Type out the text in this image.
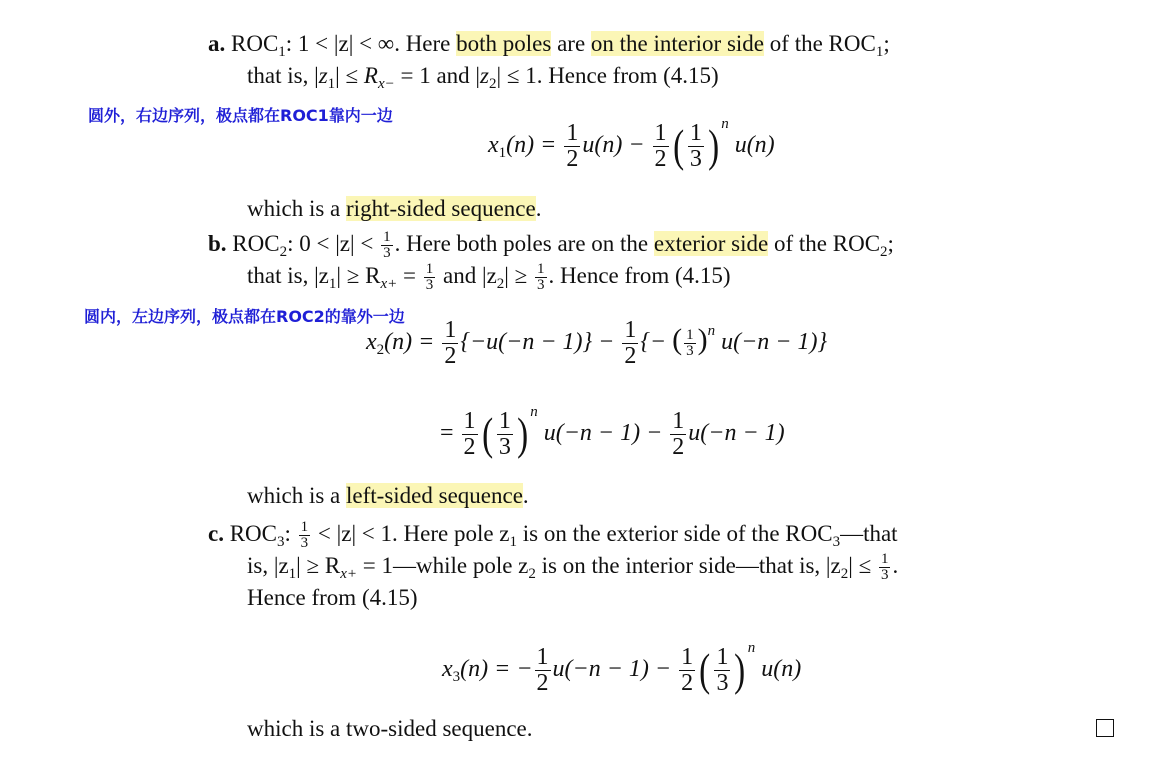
a. $ROC_1$: 1 < |z| < ∞. Here both poles are on the interior side of the $ROC_1$;
that is, $|z_1| \le R_{x-} = 1$ and $|z_2| \le 1$. Hence from (4.15)
圆外，右边序列，极点都在ROC1靠内一边
$x_1(n) = \frac{1}{2} u(n) - \frac{1}{2}$ ( $\frac{1}{3}$ ) $^n$ u(n)
which is a right-sided sequence.
b. $ROC_2$: $0 < |z| < \frac{1}{3}$ . Here both poles are on the exterior side of the $ROC_2$;
that is, $|z_1| \ge R_{x+} = \frac{1}{3}$ and $|z_2| \ge \frac{1}{3}$ . Hence from (4.15)
圆内，左边序列，极点都在ROC2的靠外一边
$x_2(n) = \frac{1}{2} \{-u(-n - 1)\} - \frac{1}{2}$ {− ( $\frac{1}{3} )^n$ u(−n − 1)}
= $\frac{1}{2}$ ( $\frac{1}{3}$ ) $^n$ $u(-n - 1) - \frac{1}{2} u(-n - 1)$
which is a left-sided sequence.
c. $ROC_3$: $\frac{1}{3} < |z| < 1$. Here pole $z_1$ is on the exterior side of the $ROC_3—that$
is, $|z_1| \ge R_{x+}$ = 1—while pole $z_2$ is on the interior side—that is, $|z_2| \le \frac{1}{3}$ .
Hence from (4.15)
$x_3(n)$ = − $\frac{1}{2} u(-n - 1) - \frac{1}{2}$ ( $\frac{1}{3}$ ) $^n$ u(n)
which is a two-sided sequence.
